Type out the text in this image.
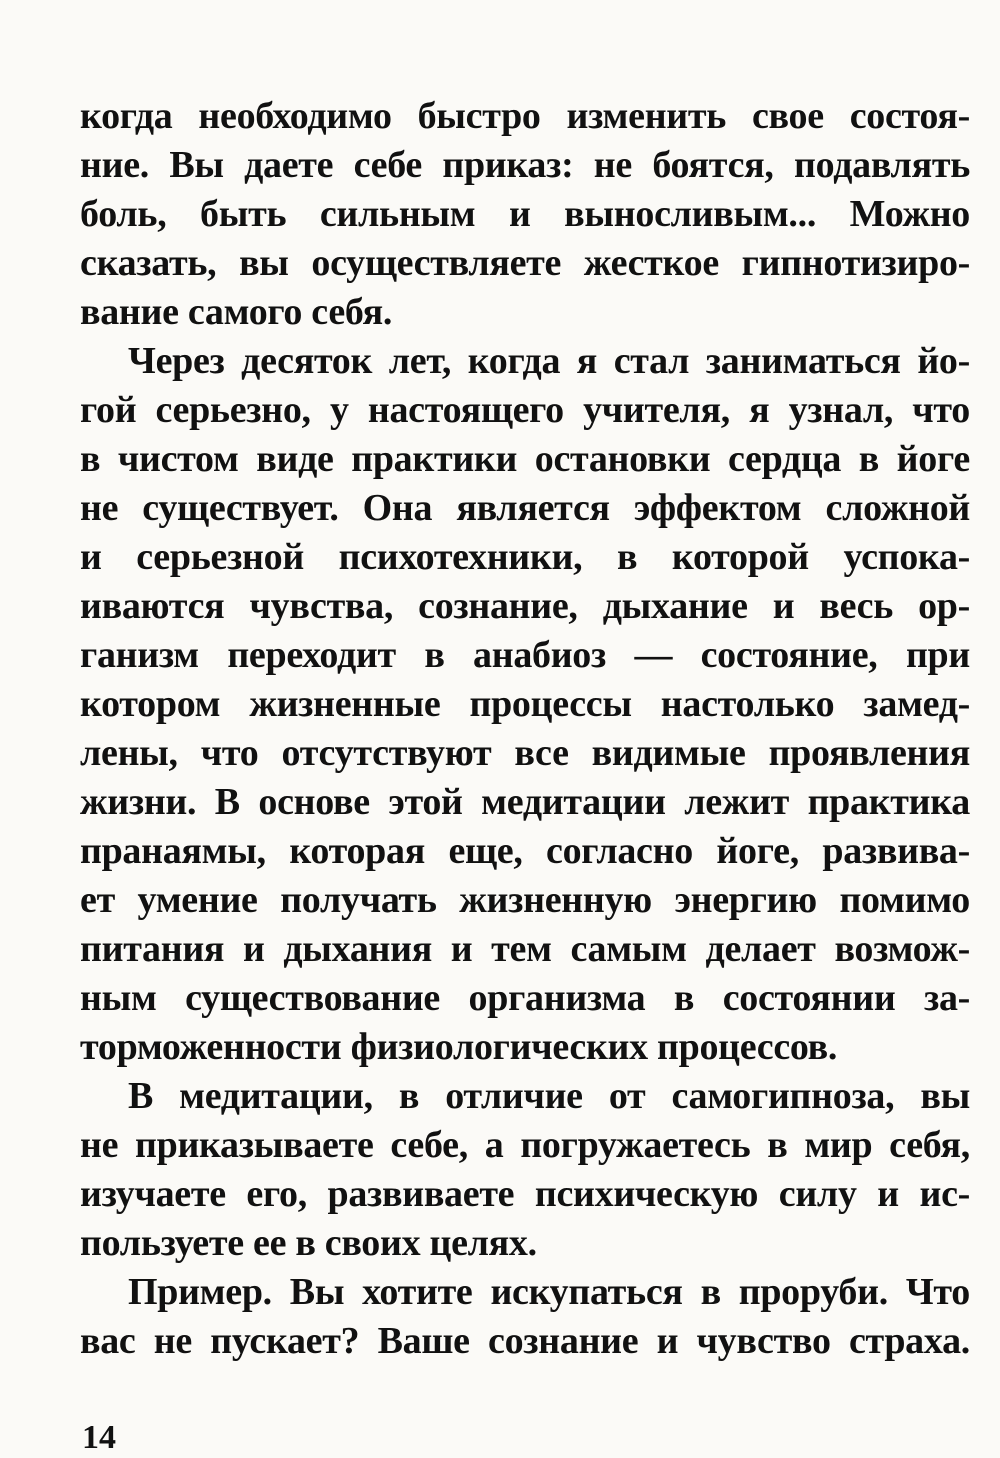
когда необходимо быстро изменить свое состоя-
ние. Вы даете себе приказ: не боятся, подавлять
боль, быть сильным и выносливым... Можно
сказать, вы осуществляете жесткое гипнотизиро-
вание самого себя.
Через десяток лет, когда я стал заниматься йо-
гой серьезно, у настоящего учителя, я узнал, что
в чистом виде практики остановки сердца в йоге
не существует. Она является эффектом сложной
и серьезной психотехники, в которой успока-
иваются чувства, сознание, дыхание и весь ор-
ганизм переходит в анабиоз — состояние, при
котором жизненные процессы настолько замед-
лены, что отсутствуют все видимые проявления
жизни. В основе этой медитации лежит практика
пранаямы, которая еще, согласно йоге, развива-
ет умение получать жизненную энергию помимо
питания и дыхания и тем самым делает возмож-
ным существование организма в состоянии за-
торможенности физиологических процессов.
В медитации, в отличие от самогипноза, вы
не приказываете себе, а погружаетесь в мир себя,
изучаете его, развиваете психическую силу и ис-
пользуете ее в своих целях.
Пример. Вы хотите искупаться в проруби. Что
вас не пускает? Ваше сознание и чувство страха.
14
